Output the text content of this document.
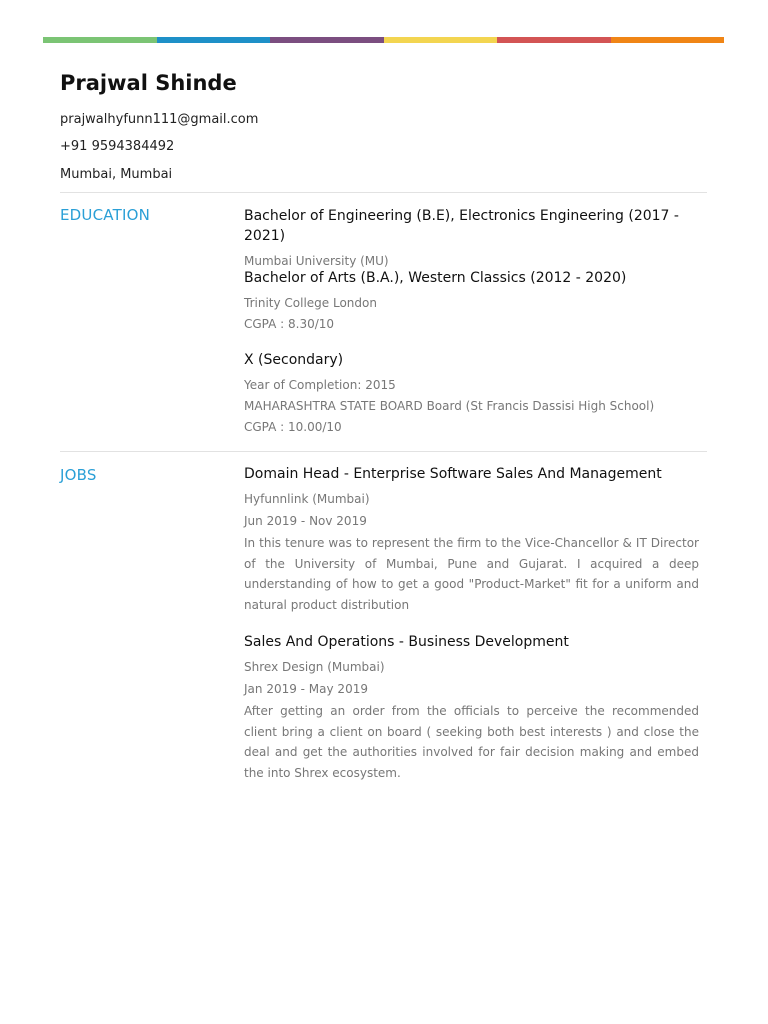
Prajwal Shinde
prajwalhyfunn111@gmail.com
+91 9594384492
Mumbai, Mumbai
EDUCATION	Bachelor of Engineering (B.E), Electronics Engineering (2017 - 2021)
Mumbai University (MU)
Bachelor of Arts (B.A.), Western Classics (2012 - 2020)
Trinity College London
CGPA : 8.30/10
X (Secondary)
Year of Completion: 2015
MAHARASHTRA STATE BOARD Board (St Francis Dassisi High School)
CGPA : 10.00/10
JOBS	Domain Head - Enterprise Software Sales And Management
Hyfunnlink (Mumbai)
Jun 2019 - Nov 2019
In this tenure was to represent the firm to the Vice-Chancellor & IT Director of the University of Mumbai, Pune and Gujarat. I acquired a deep understanding of how to get a good "Product-Market" fit for a uniform and natural product distribution
Sales And Operations - Business Development
Shrex Design (Mumbai)
Jan 2019 - May 2019
After getting an order from the officials to perceive the recommended client bring a client on board ( seeking both best interests ) and close the deal and get the authorities involved for fair decision making and embed the into Shrex ecosystem.
